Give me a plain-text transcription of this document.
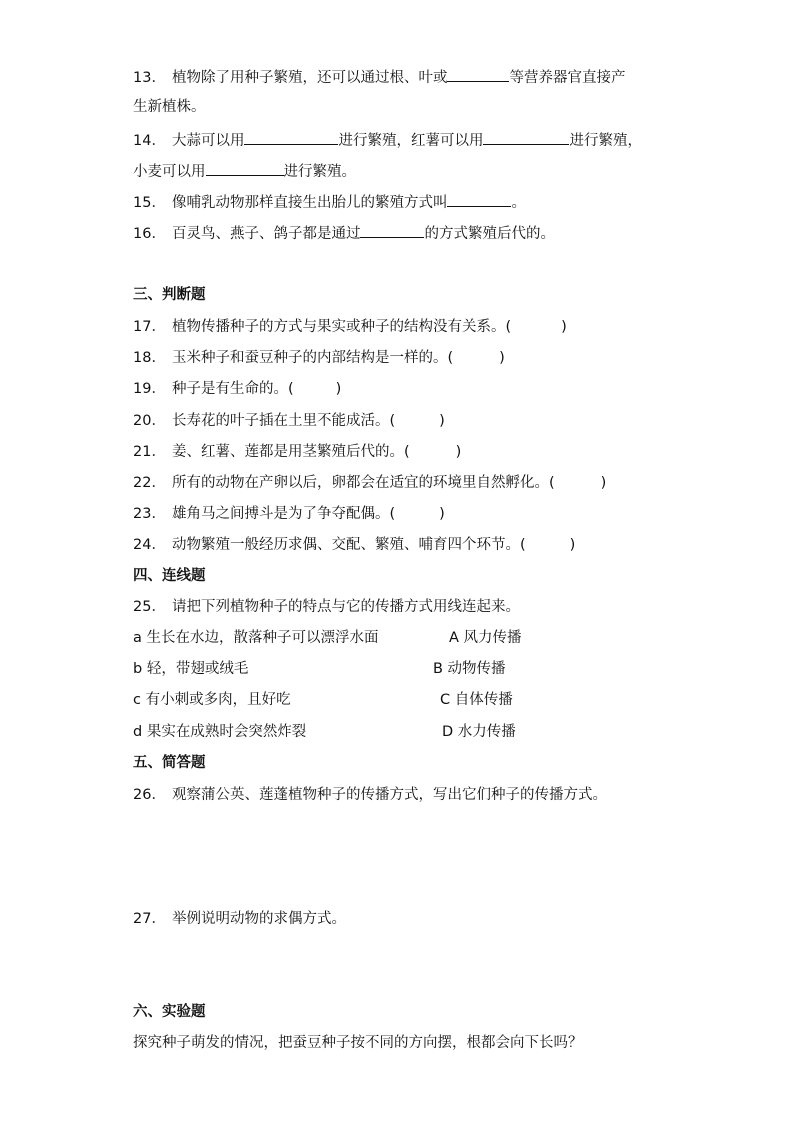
13． 植物除了用种子繁殖，还可以通过根、叶或	等营养器官直接产
生新植株。
14． 大蒜可以用	进行繁殖，红薯可以用	进行繁殖，
小麦可以用	进行繁殖。
15． 像哺乳动物那样直接生出胎儿的繁殖方式叫	。
16． 百灵鸟、燕子、鸽子都是通过	的方式繁殖后代的。
三、判断题
17． 植物传播种子的方式与果实或种子的结构没有关系。(	)
18． 玉米种子和蚕豆种子的内部结构是一样的。(	)
19． 种子是有生命的。(	)
20． 长寿花的叶子插在土里不能成活。(	)
21． 姜、红薯、莲都是用茎繁殖后代的。(	)
22． 所有的动物在产卵以后，卵都会在适宜的环境里自然孵化。(	)
23． 雄角马之间搏斗是为了争夺配偶。(	)
24． 动物繁殖一般经历求偶、交配、繁殖、哺育四个环节。(	)
四、连线题
25． 请把下列植物种子的特点与它的传播方式用线连起来。
a 生长在水边，散落种子可以漂浮水面	A 风力传播
b 轻，带翅或绒毛	B 动物传播
c 有小刺或多肉，且好吃	C 自体传播
d 果实在成熟时会突然炸裂	D 水力传播
五、简答题
26． 观察蒲公英、莲蓬植物种子的传播方式，写出它们种子的传播方式。
27． 举例说明动物的求偶方式。
六、实验题
探究种子萌发的情况，把蚕豆种子按不同的方向摆，根都会向下长吗？
